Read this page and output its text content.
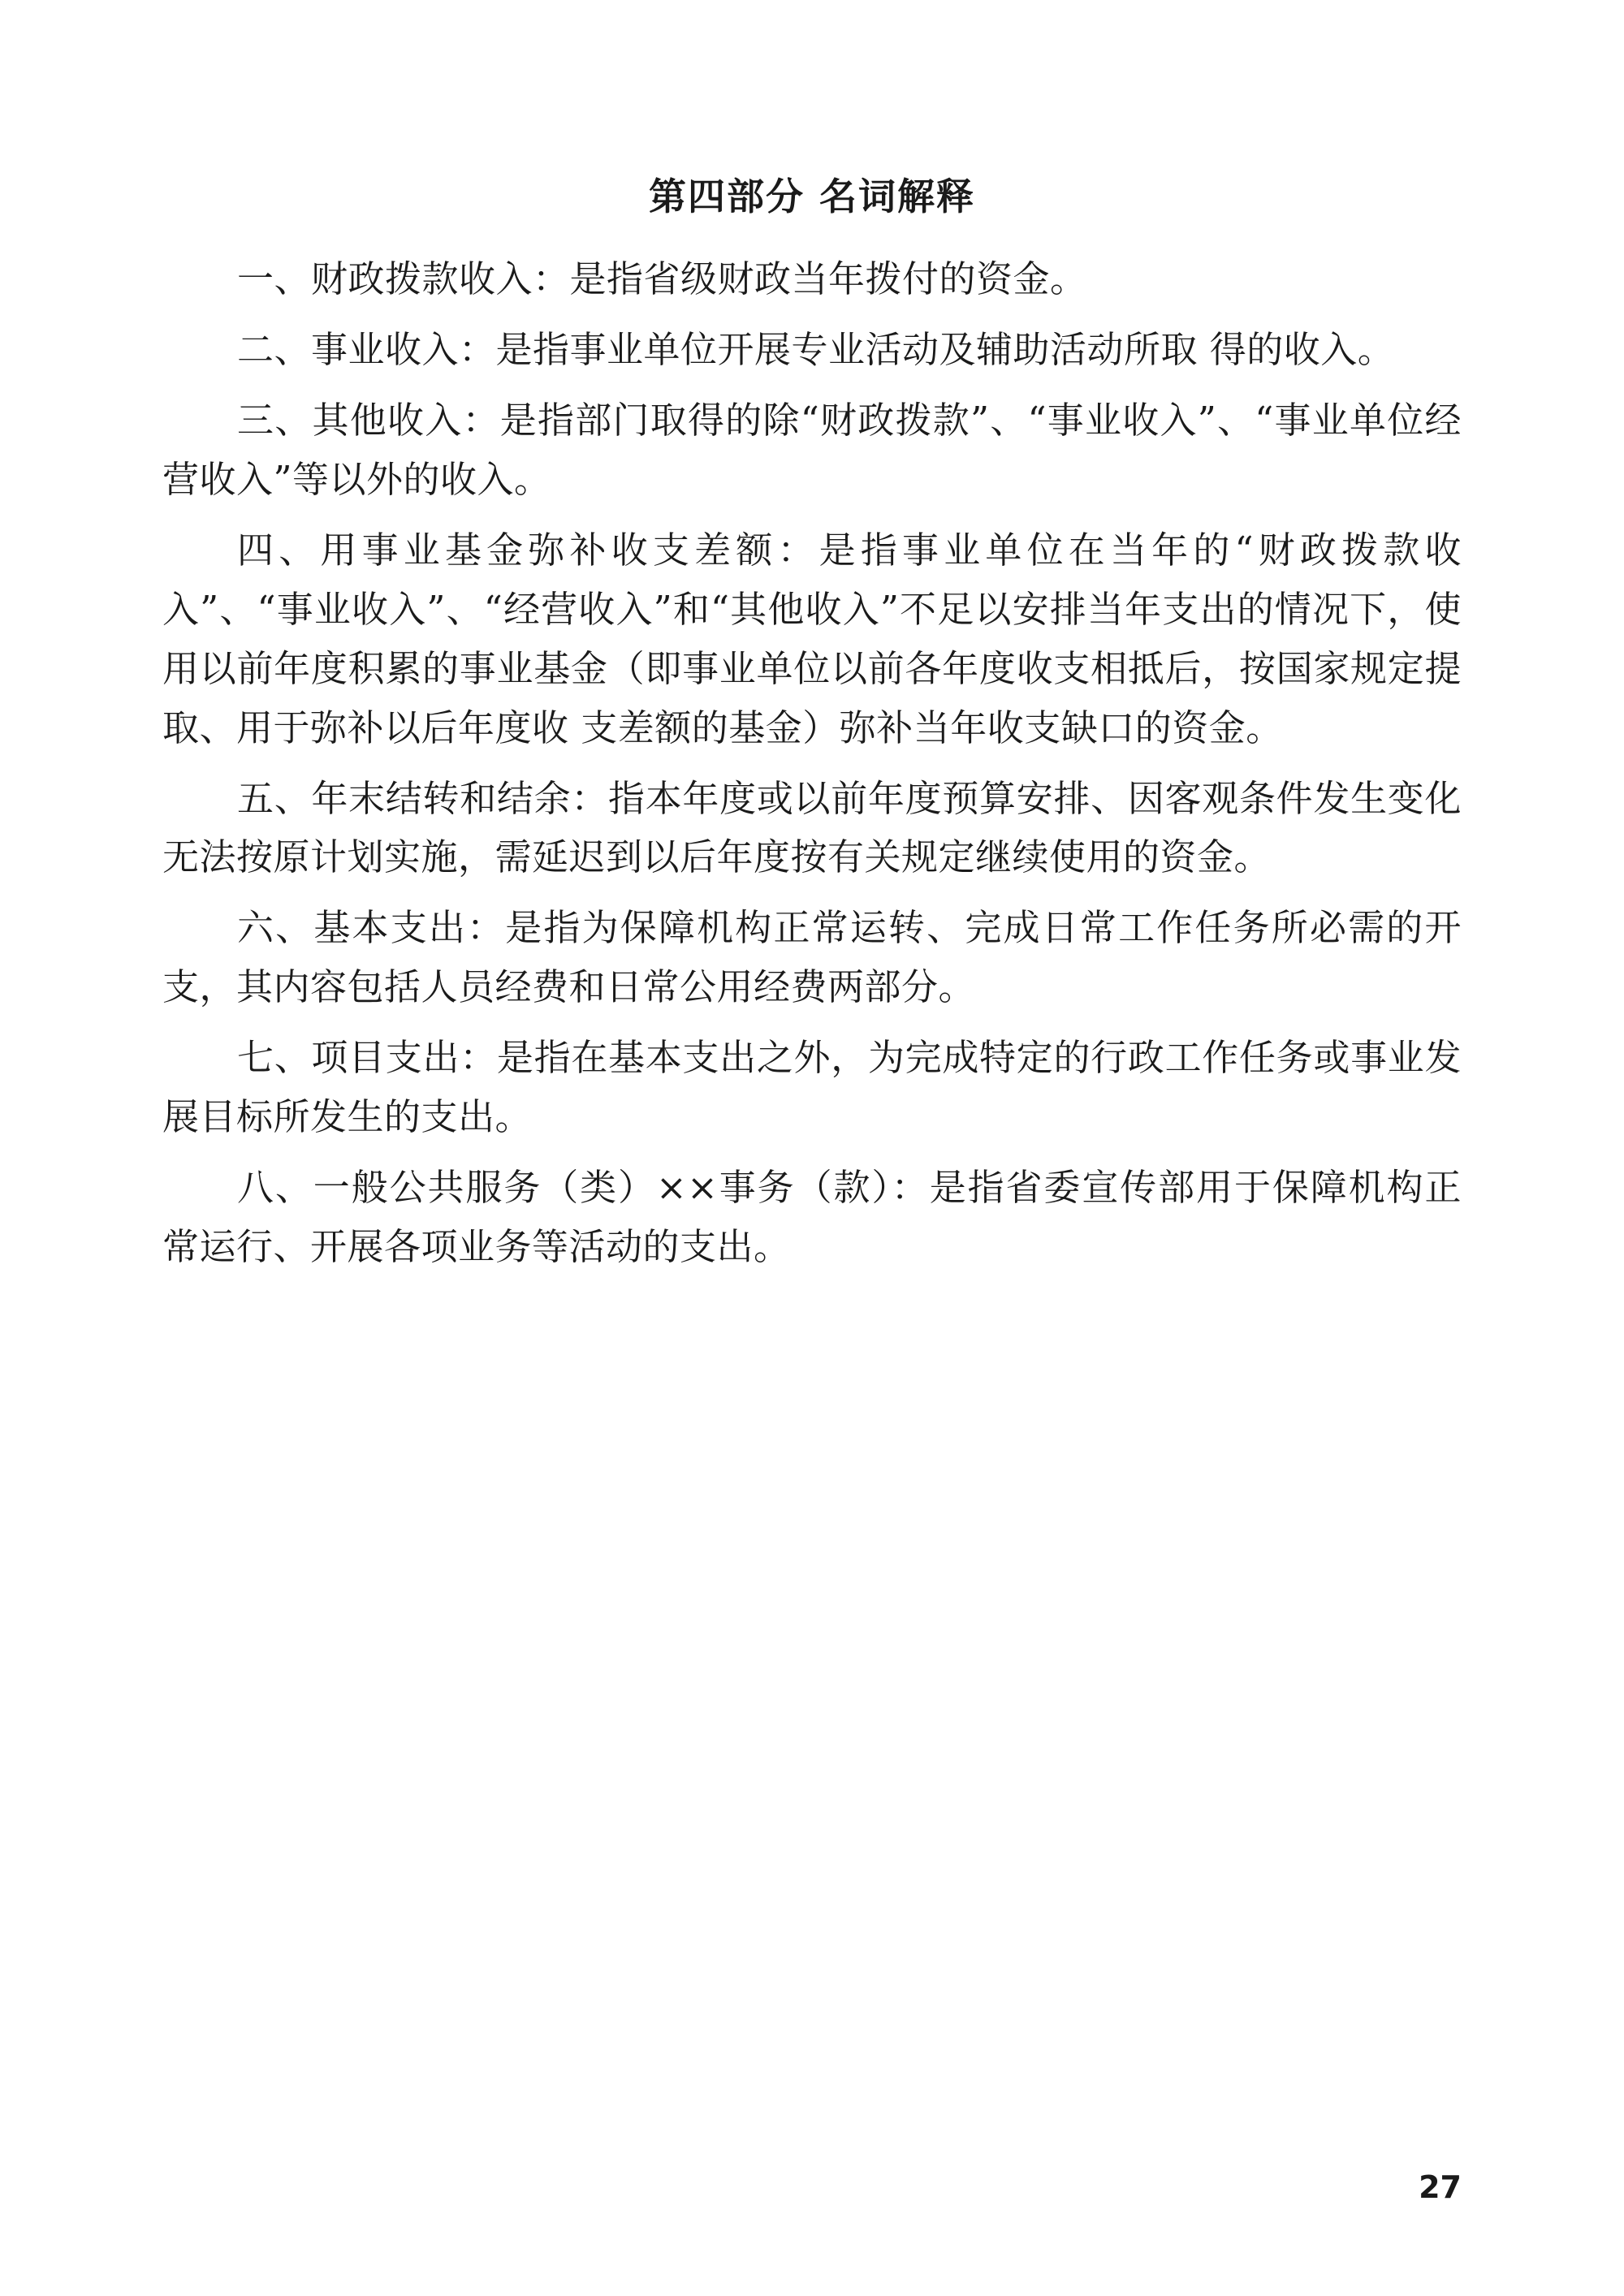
第四部分 名词解释

一、财政拨款收入：是指省级财政当年拨付的资金。

二、事业收入：是指事业单位开展专业活动及辅助活动所取 得的收入。

三、其他收入：是指部门取得的除“财政拨款”、“事业收入”、“事业单位经营收入”等以外的收入。

四、用事业基金弥补收支差额：是指事业单位在当年的“财政拨款收入”、“事业收入”、“经营收入”和“其他收入”不足以安排当年支出的情况下，使用以前年度积累的事业基金（即事业单位以前各年度收支相抵后，按国家规定提取、用于弥补以后年度收 支差额的基金）弥补当年收支缺口的资金。

五、年末结转和结余：指本年度或以前年度预算安排、因客观条件发生变化无法按原计划实施，需延迟到以后年度按有关规定继续使用的资金。

六、基本支出：是指为保障机构正常运转、完成日常工作任务所必需的开支，其内容包括人员经费和日常公用经费两部分。

七、项目支出：是指在基本支出之外，为完成特定的行政工作任务或事业发展目标所发生的支出。

八、一般公共服务（类）××事务（款）：是指省委宣传部用于保障机构正常运行、开展各项业务等活动的支出。

27
